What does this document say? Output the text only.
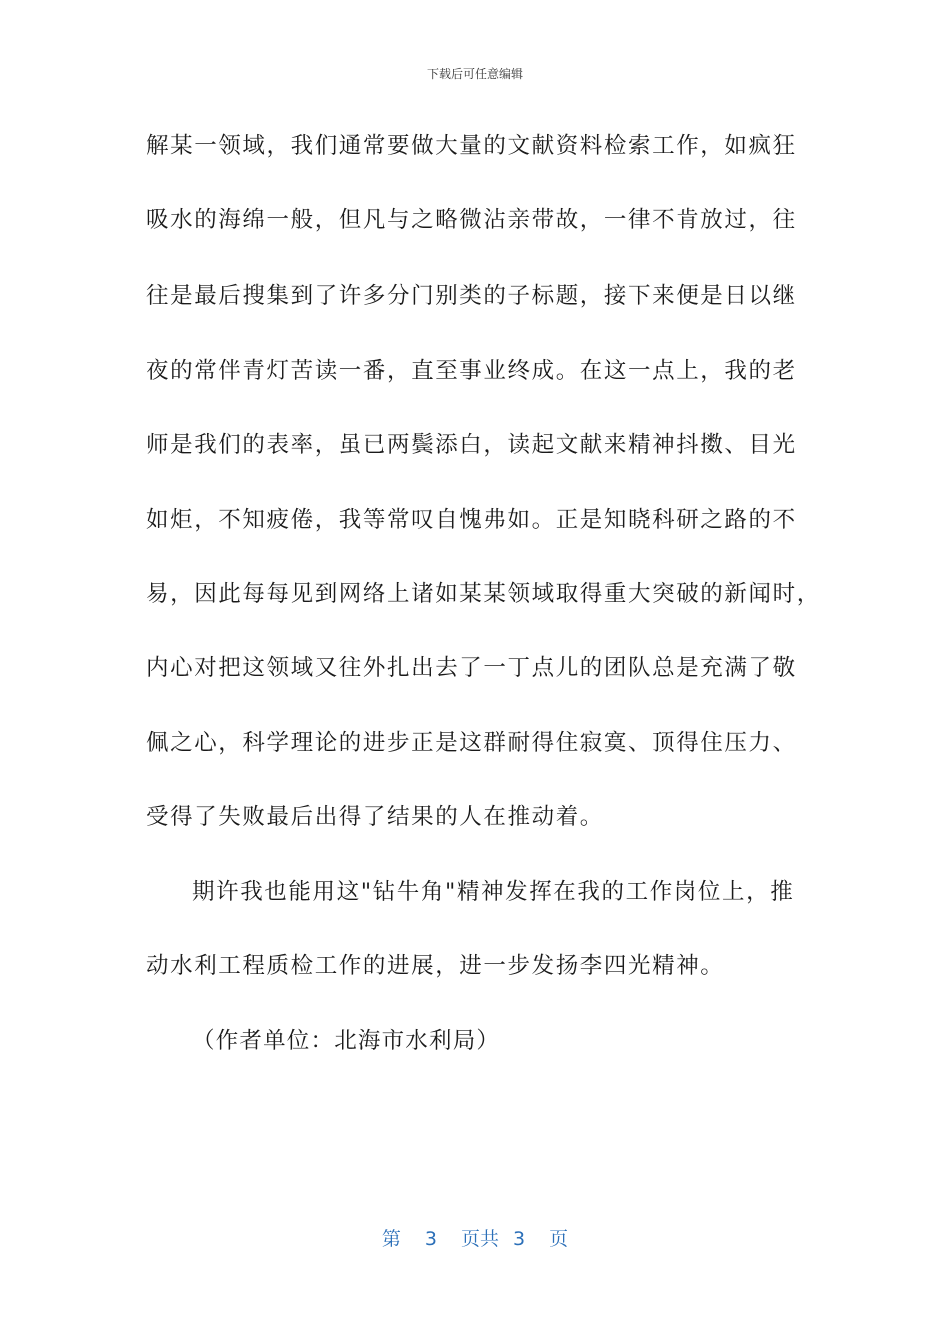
下载后可任意编辑
解某一领域，我们通常要做大量的文献资料检索工作，如疯狂
吸水的海绵一般，但凡与之略微沾亲带故，一律不肯放过，往
往是最后搜集到了许多分门别类的子标题，接下来便是日以继
夜的常伴青灯苦读一番，直至事业终成。在这一点上，我的老
师是我们的表率，虽已两鬓添白，读起文献来精神抖擞、目光
如炬，不知疲倦，我等常叹自愧弗如。正是知晓科研之路的不
易，因此每每见到网络上诸如某某领域取得重大突破的新闻时，
内心对把这领域又往外扎出去了一丁点儿的团队总是充满了敬
佩之心，科学理论的进步正是这群耐得住寂寞、顶得住压力、
受得了失败最后出得了结果的人在推动着。
期许我也能用这"钻牛角"精神发挥在我的工作岗位上，推
动水利工程质检工作的进展，进一步发扬李四光精神。
（作者单位：北海市水利局）
第 3 页共 3 页
